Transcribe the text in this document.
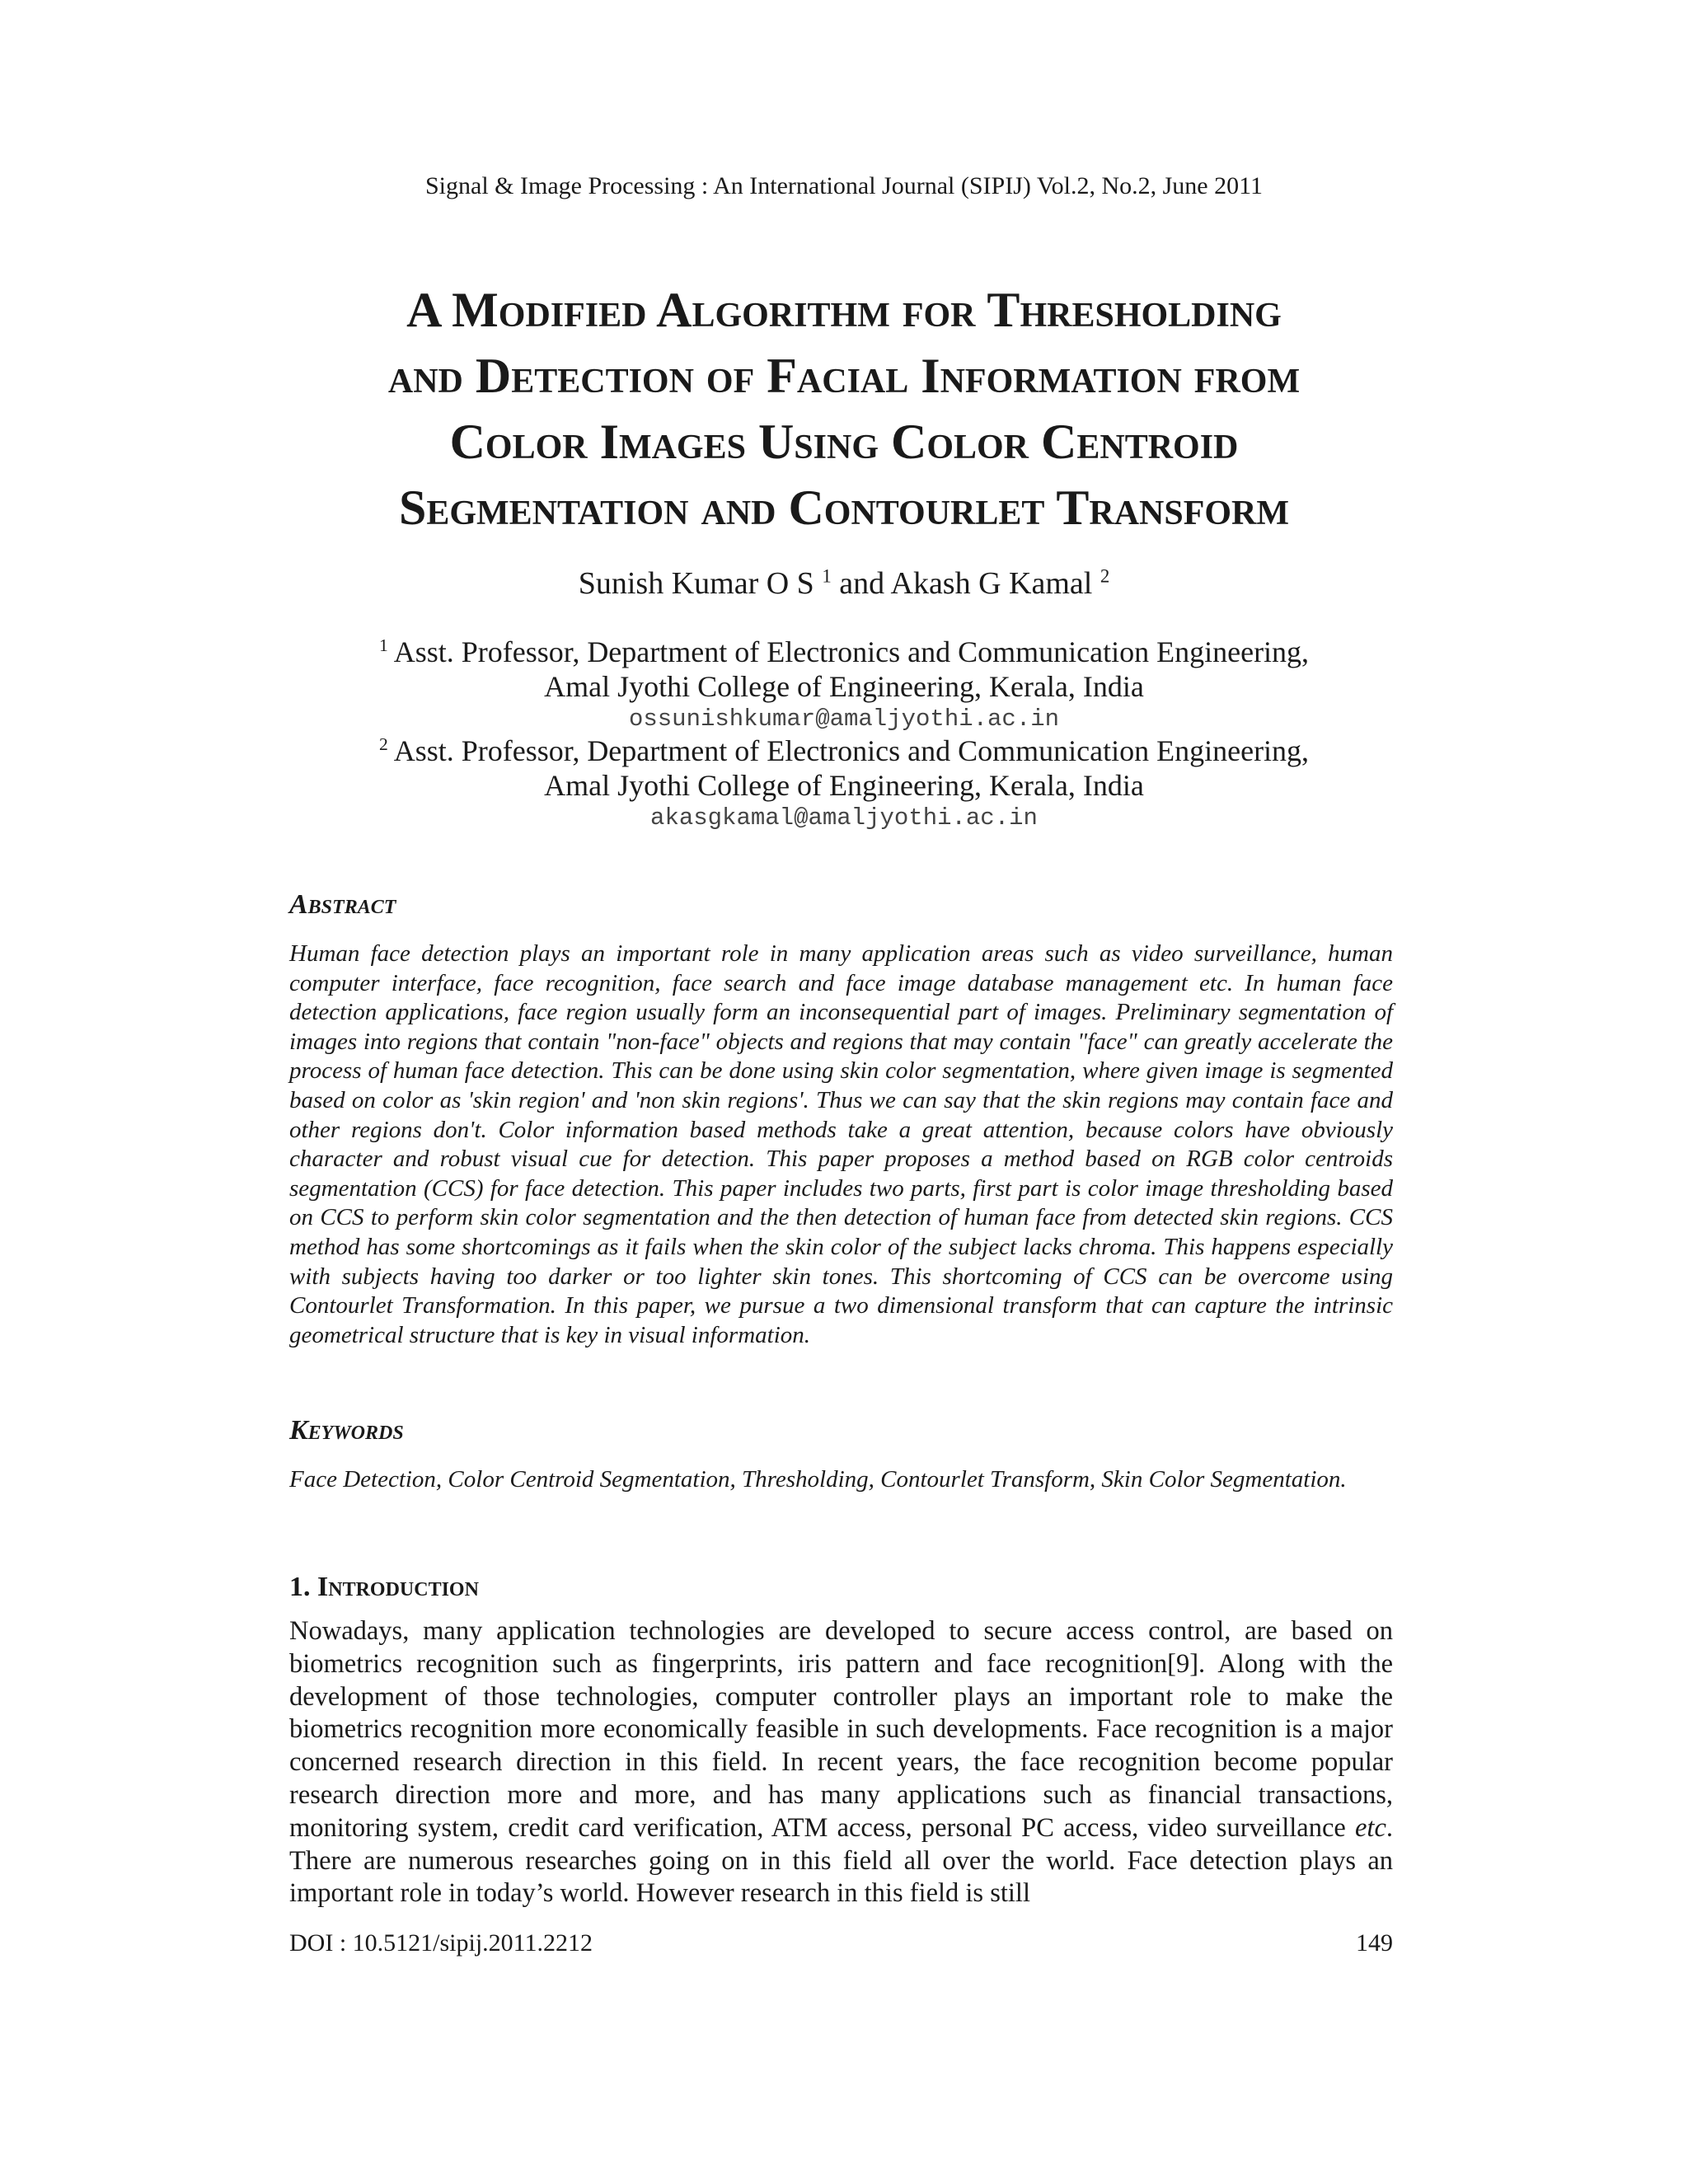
Signal & Image Processing : An International Journal (SIPIJ) Vol.2, No.2, June 2011
A Modified Algorithm for Thresholding
and Detection of Facial Information from
Color Images Using Color Centroid
Segmentation and Contourlet Transform
Sunish Kumar O S $^1$ and Akash G Kamal $^2$
$^1$ Asst. Professor, Department of Electronics and Communication Engineering,
Amal Jyothi College of Engineering, Kerala, India
ossunishkumar@amaljyothi.ac.in
$^2$ Asst. Professor, Department of Electronics and Communication Engineering,
Amal Jyothi College of Engineering, Kerala, India
akasgkamal@amaljyothi.ac.in
Abstract

Human face detection plays an important role in many application areas such as video surveillance, human computer interface, face recognition, face search and face image database management etc. In human face detection applications, face region usually form an inconsequential part of images. Preliminary segmentation of images into regions that contain "non-face" objects and regions that may contain "face" can greatly accelerate the process of human face detection. This can be done using skin color segmentation, where given image is segmented based on color as 'skin region' and 'non skin regions'. Thus we can say that the skin regions may contain face and other regions don't. Color information based methods take a great attention, because colors have obviously character and robust visual cue for detection. This paper proposes a method based on RGB color centroids segmentation (CCS) for face detection. This paper includes two parts, first part is color image thresholding based on CCS to perform skin color segmentation and the then detection of human face from detected skin regions. CCS method has some shortcomings as it fails when the skin color of the subject lacks chroma. This happens especially with subjects having too darker or too lighter skin tones. This shortcoming of CCS can be overcome using Contourlet Transformation. In this paper, we pursue a two dimensional transform that can capture the intrinsic geometrical structure that is key in visual information.

Keywords

Face Detection, Color Centroid Segmentation, Thresholding, Contourlet Transform, Skin Color Segmentation.

1. Introduction

Nowadays, many application technologies are developed to secure access control, are based on biometrics recognition such as fingerprints, iris pattern and face recognition[9]. Along with the development of those technologies, computer controller plays an important role to make the biometrics recognition more economically feasible in such developments. Face recognition is a major concerned research direction in this field. In recent years, the face recognition become popular research direction more and more, and has many applications such as financial transactions, monitoring system, credit card verification, ATM access, personal PC access, video surveillance etc. There are numerous researches going on in this field all over the world. Face detection plays an important role in today’s world. However research in this field is still

DOI : 10.5121/sipij.2011.2212	149
